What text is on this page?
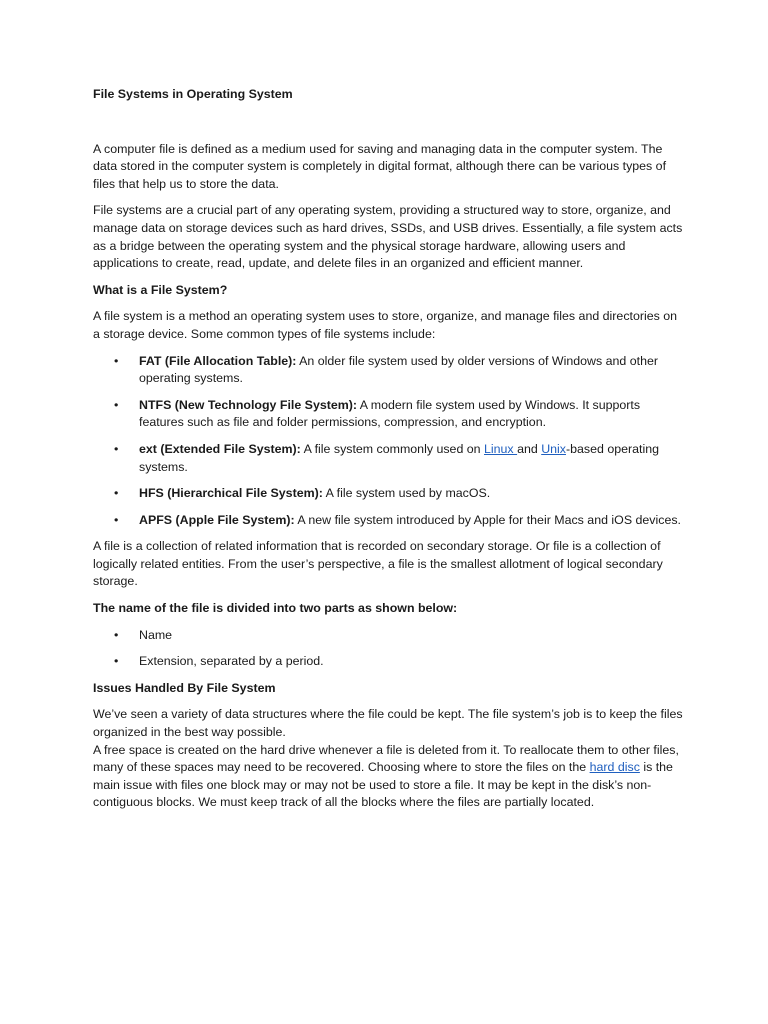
File Systems in Operating System

A computer file is defined as a medium used for saving and managing data in the computer system. The data stored in the computer system is completely in digital format, although there can be various types of files that help us to store the data.

File systems are a crucial part of any operating system, providing a structured way to store, organize, and manage data on storage devices such as hard drives, SSDs, and USB drives. Essentially, a file system acts as a bridge between the operating system and the physical storage hardware, allowing users and applications to create, read, update, and delete files in an organized and efficient manner.

What is a File System?

A file system is a method an operating system uses to store, organize, and manage files and directories on a storage device. Some common types of file systems include:

• FAT (File Allocation Table): An older file system used by older versions of Windows and other operating systems.
• NTFS (New Technology File System): A modern file system used by Windows. It supports features such as file and folder permissions, compression, and encryption.
• ext (Extended File System): A file system commonly used on Linux and Unix-based operating systems.
• HFS (Hierarchical File System): A file system used by macOS.
• APFS (Apple File System): A new file system introduced by Apple for their Macs and iOS devices.

A file is a collection of related information that is recorded on secondary storage. Or file is a collection of logically related entities. From the user’s perspective, a file is the smallest allotment of logical secondary storage.

The name of the file is divided into two parts as shown below:
• Name
• Extension, separated by a period.
Issues Handled By File System

We’ve seen a variety of data structures where the file could be kept. The file system’s job is to keep the files organized in the best way possible.

A free space is created on the hard drive whenever a file is deleted from it. To reallocate them to other files, many of these spaces may need to be recovered. Choosing where to store the files on the hard disc is the main issue with files one block may or may not be used to store a file. It may be kept in the disk’s non-contiguous blocks. We must keep track of all the blocks where the files are partially located.
